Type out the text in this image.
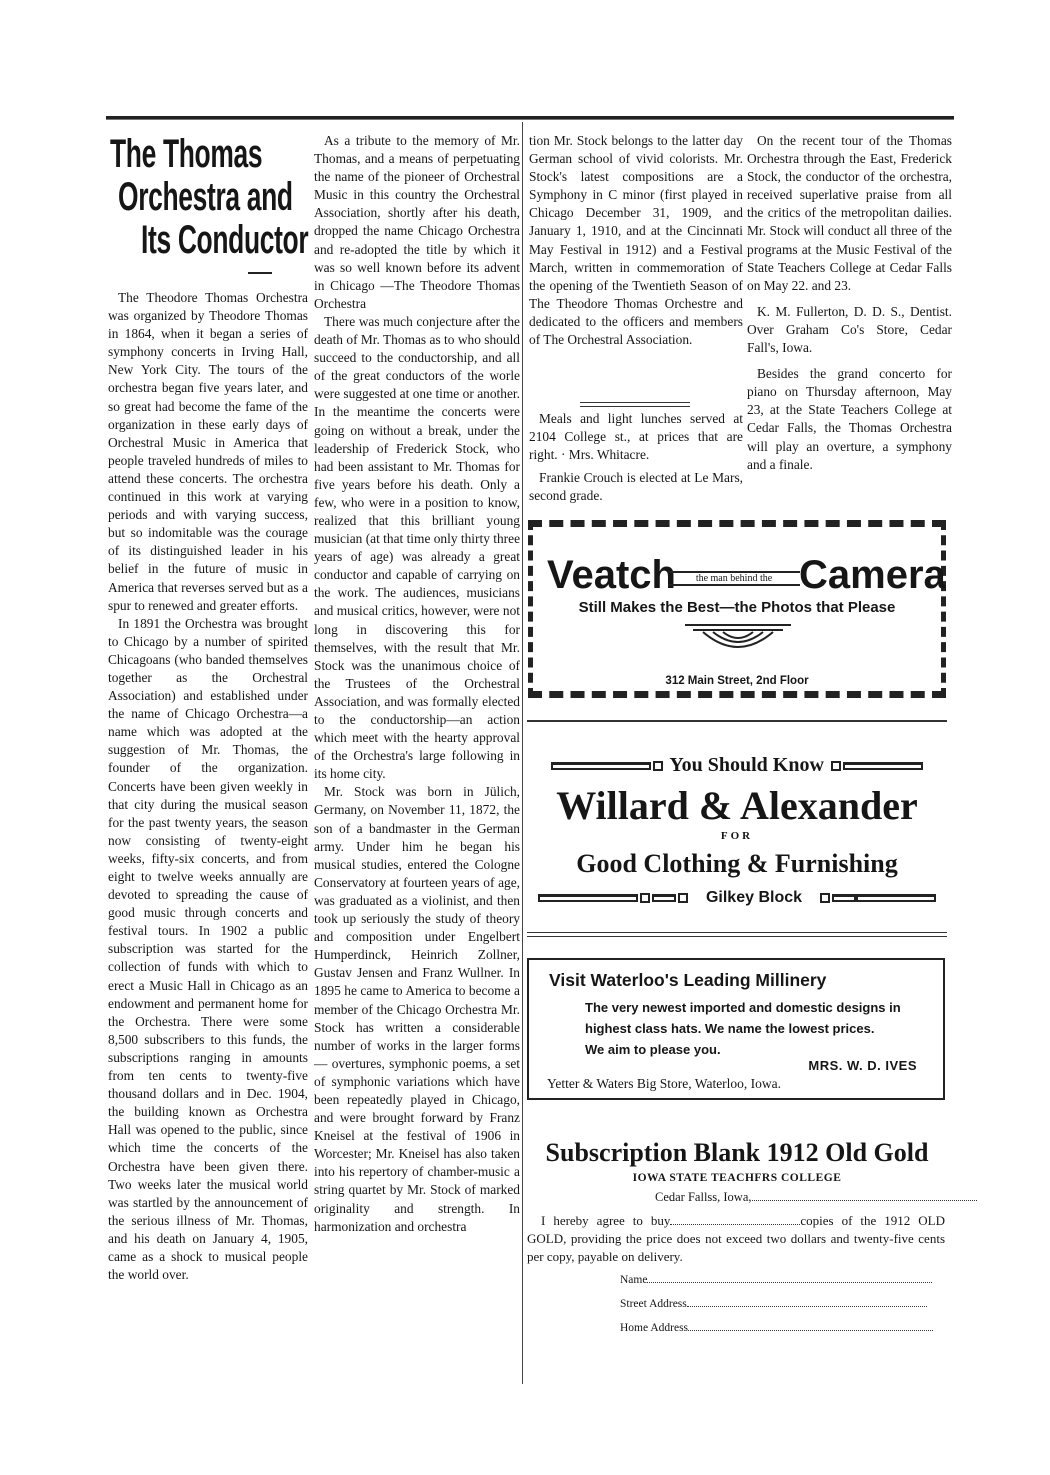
The Thomas
Orchestra and
Its Conductor

The Theodore Thomas Orchestra was organized by Theodore Thomas in 1864, when it began a series of symphony concerts in Irving Hall, New York City. The tours of the orchestra began five years later, and so great had become the fame of the organization in these early days of Orchestral Music in America that people traveled hundreds of miles to attend these concerts. The orchestra continued in this work at varying periods and with varying success, but so indomitable was the courage of its distinguished leader in his belief in the future of music in America that reverses served but as a spur to renewed and greater efforts.

In 1891 the Orchestra was brought to Chicago by a number of spirited Chicagoans (who banded themselves together as the Orchestral Association) and established under the name of Chicago Orchestra—a name which was adopted at the suggestion of Mr. Thomas, the founder of the organization. Concerts have been given weekly in that city during the musical season for the past twenty years, the season now consisting of twenty-eight weeks, fifty-six concerts, and from eight to twelve weeks annually are devoted to spreading the cause of good music through concerts and festival tours. In 1902 a public subscription was started for the collection of funds with which to erect a Music Hall in Chicago as an endowment and permanent home for the Orchestra. There were some 8,500 subscribers to this funds, the subscriptions ranging in amounts from ten cents to twenty-five thousand dollars and in Dec. 1904, the building known as Orchestra Hall was opened to the public, since which time the concerts of the Orchestra have been given there. Two weeks later the musical world was startled by the announcement of the serious illness of Mr. Thomas, and his death on January 4, 1905, came as a shock to musical people the world over.

As a tribute to the memory of Mr. Thomas, and a means of perpetuating the name of the pioneer of Orchestral Music in this country the Orchestral Association, shortly after his death, dropped the name Chicago Orchestra and re-adopted the title by which it was so well known before its advent in Chicago —The Theodore Thomas Orchestra

There was much conjecture after the death of Mr. Thomas as to who should succeed to the conductorship, and all of the great conductors of the worle were suggested at one time or another. In the meantime the concerts were going on without a break, under the leadership of Frederick Stock, who had been assistant to Mr. Thomas for five years before his death. Only a few, who were in a position to know, realized that this brilliant young musician (at that time only thirty three years of age) was already a great conductor and capable of carrying on the work. The audiences, musicians and musical critics, however, were not long in discovering this for themselves, with the result that Mr. Stock was the unanimous choice of the Trustees of the Orchestral Association, and was formally elected to the conductorship—an action which meet with the hearty approval of the Orchestra's large following in its home city.

Mr. Stock was born in Jülich, Germany, on November 11, 1872, the son of a bandmaster in the German army. Under him he began his musical studies, entered the Cologne Conservatory at fourteen years of age, was graduated as a violinist, and then took up seriously the study of theory and composition under Engelbert Humperdinck, Heinrich Zollner, Gustav Jensen and Franz Wullner. In 1895 he came to America to become a member of the Chicago Orchestra Mr. Stock has written a considerable number of works in the larger forms — overtures, symphonic poems, a set of symphonic variations which have been repeatedly played in Chicago, and were brought forward by Franz Kneisel at the festival of 1906 in Worcester; Mr. Kneisel has also taken into his repertory of chamber-music a string quartet by Mr. Stock of marked originality and strength. In harmonization and orchestra

tion Mr. Stock belongs to the latter day German school of vivid colorists. Mr. Stock's latest compositions are a Symphony in C minor (first played in Chicago December 31, 1909, and January 1, 1910, and at the Cincinnati May Festival in 1912) and a Festival March, written in commemoration of the opening of the Twentieth Season of The Theodore Thomas Orchestre and dedicated to the officers and members of The Orchestral Association.

Meals and light lunches served at 2104 College st., at prices that are right. · Mrs. Whitacre.

Frankie Crouch is elected at Le Mars, second grade.

On the recent tour of the Thomas Orchestra through the East, Frederick Stock, the conductor of the orchestra, received superlative praise from all the critics of the metropolitan dailies. Mr. Stock will conduct all three of the programs at the Music Festival of the State Teachers College at Cedar Falls on May 22. and 23.

K. M. Fullerton, D. D. S., Dentist. Over Graham Co's Store, Cedar Fall's, Iowa.

Besides the grand concerto for piano on Thursday afternoon, May 23, at the State Teachers College at Cedar Falls, the Thomas Orchestra will play an overture, a symphony and a finale.

Veatch	the man behind the Camera
Still Makes the Best—the Photos that Please
312 Main Street, 2nd Floor
You Should Know
Willard & Alexander
FOR
Good Clothing & Furnishing
Gilkey Block
Visit Waterloo's Leading Millinery
The very newest imported and domestic designs in
highest class hats. We name the lowest prices.
We aim to please you.
MRS. W. D. IVES
Yetter & Waters Big Store, Waterloo, Iowa.
Subscription Blank 1912 Old Gold
IOWA STATE TEACHFRS COLLEGE
Cedar Fallss, Iowa,
I hereby agree to buy	copies of the 1912 OLD GOLD, providing the price does not exceed two dollars and twenty-five cents per copy, payable on delivery.
Name
Street Address
Home Address
